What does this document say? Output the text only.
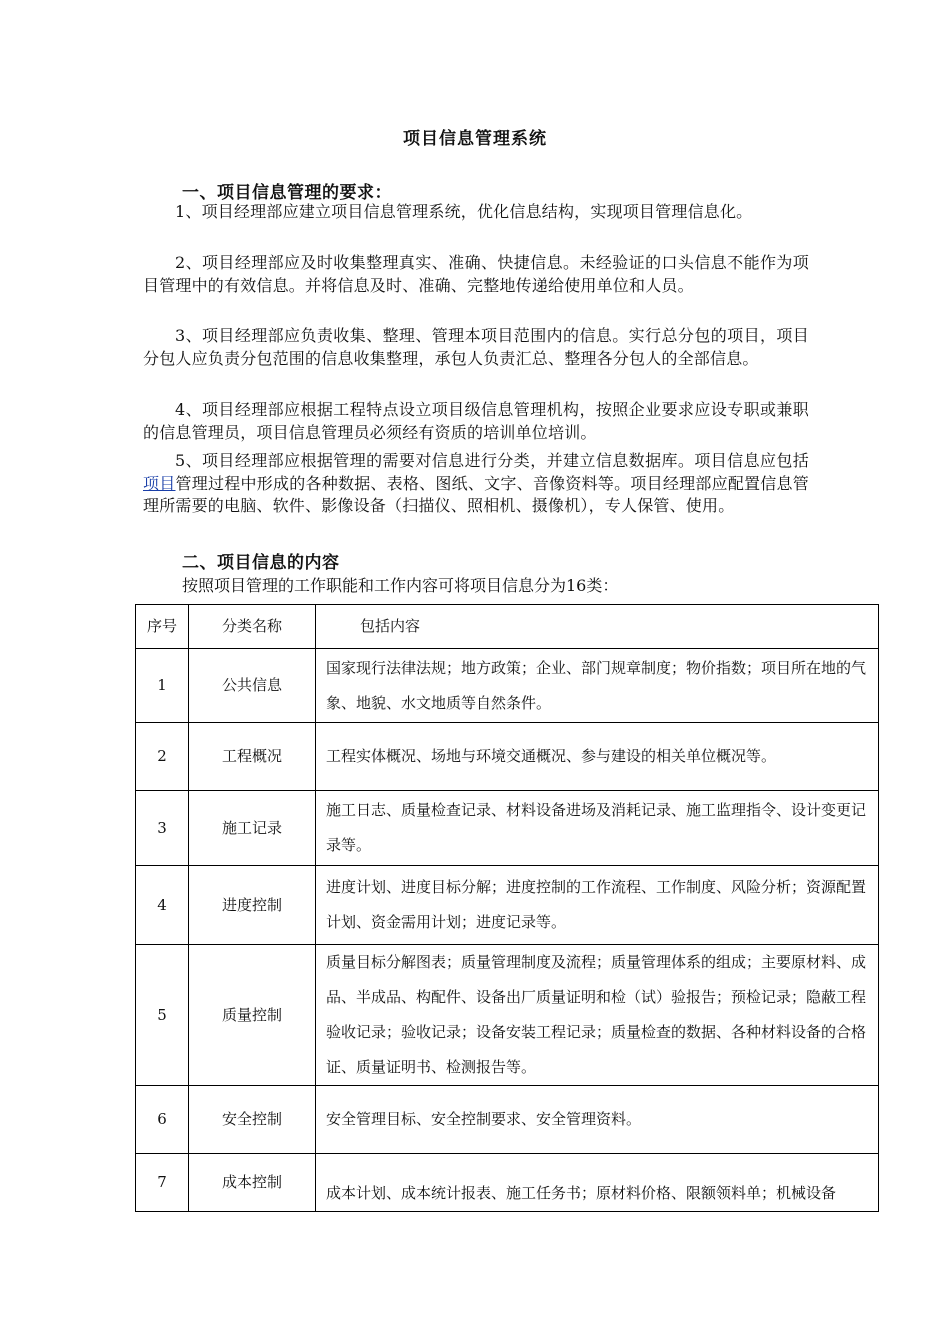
项目信息管理系统
一、项目信息管理的要求：
1、项目经理部应建立项目信息管理系统，优化信息结构，实现项目管理信息化。
2、项目经理部应及时收集整理真实、准确、快捷信息。未经验证的口头信息不能作为项目管理中的有效信息。并将信息及时、准确、完整地传递给使用单位和人员。
3、项目经理部应负责收集、整理、管理本项目范围内的信息。实行总分包的项目，项目分包人应负责分包范围的信息收集整理，承包人负责汇总、整理各分包人的全部信息。
4、项目经理部应根据工程特点设立项目级信息管理机构，按照企业要求应设专职或兼职的信息管理员，项目信息管理员必须经有资质的培训单位培训。
5、项目经理部应根据管理的需要对信息进行分类，并建立信息数据库。项目信息应包括项目管理过程中形成的各种数据、表格、图纸、文字、音像资料等。项目经理部应配置信息管理所需要的电脑、软件、影像设备（扫描仪、照相机、摄像机），专人保管、使用。
二、项目信息的内容
按照项目管理的工作职能和工作内容可将项目信息分为16类：
序号	分类名称	包括内容
1	公共信息	国家现行法律法规；地方政策；企业、部门规章制度；物价指数；项目所在地的气象、地貌、水文地质等自然条件。
2	工程概况	工程实体概况、场地与环境交通概况、参与建设的相关单位概况等。
3	施工记录	施工日志、质量检查记录、材料设备进场及消耗记录、施工监理指令、设计变更记录等。
4	进度控制	进度计划、进度目标分解；进度控制的工作流程、工作制度、风险分析；资源配置计划、资金需用计划；进度记录等。
5	质量控制	质量目标分解图表；质量管理制度及流程；质量管理体系的组成；主要原材料、成品、半成品、构配件、设备出厂质量证明和检（试）验报告；预检记录；隐蔽工程验收记录；验收记录；设备安装工程记录；质量检查的数据、各种材料设备的合格证、质量证明书、检测报告等。
6	安全控制	安全管理目标、安全控制要求、安全管理资料。
7	成本控制	成本计划、成本统计报表、施工任务书；原材料价格、限额领料单；机械设备
